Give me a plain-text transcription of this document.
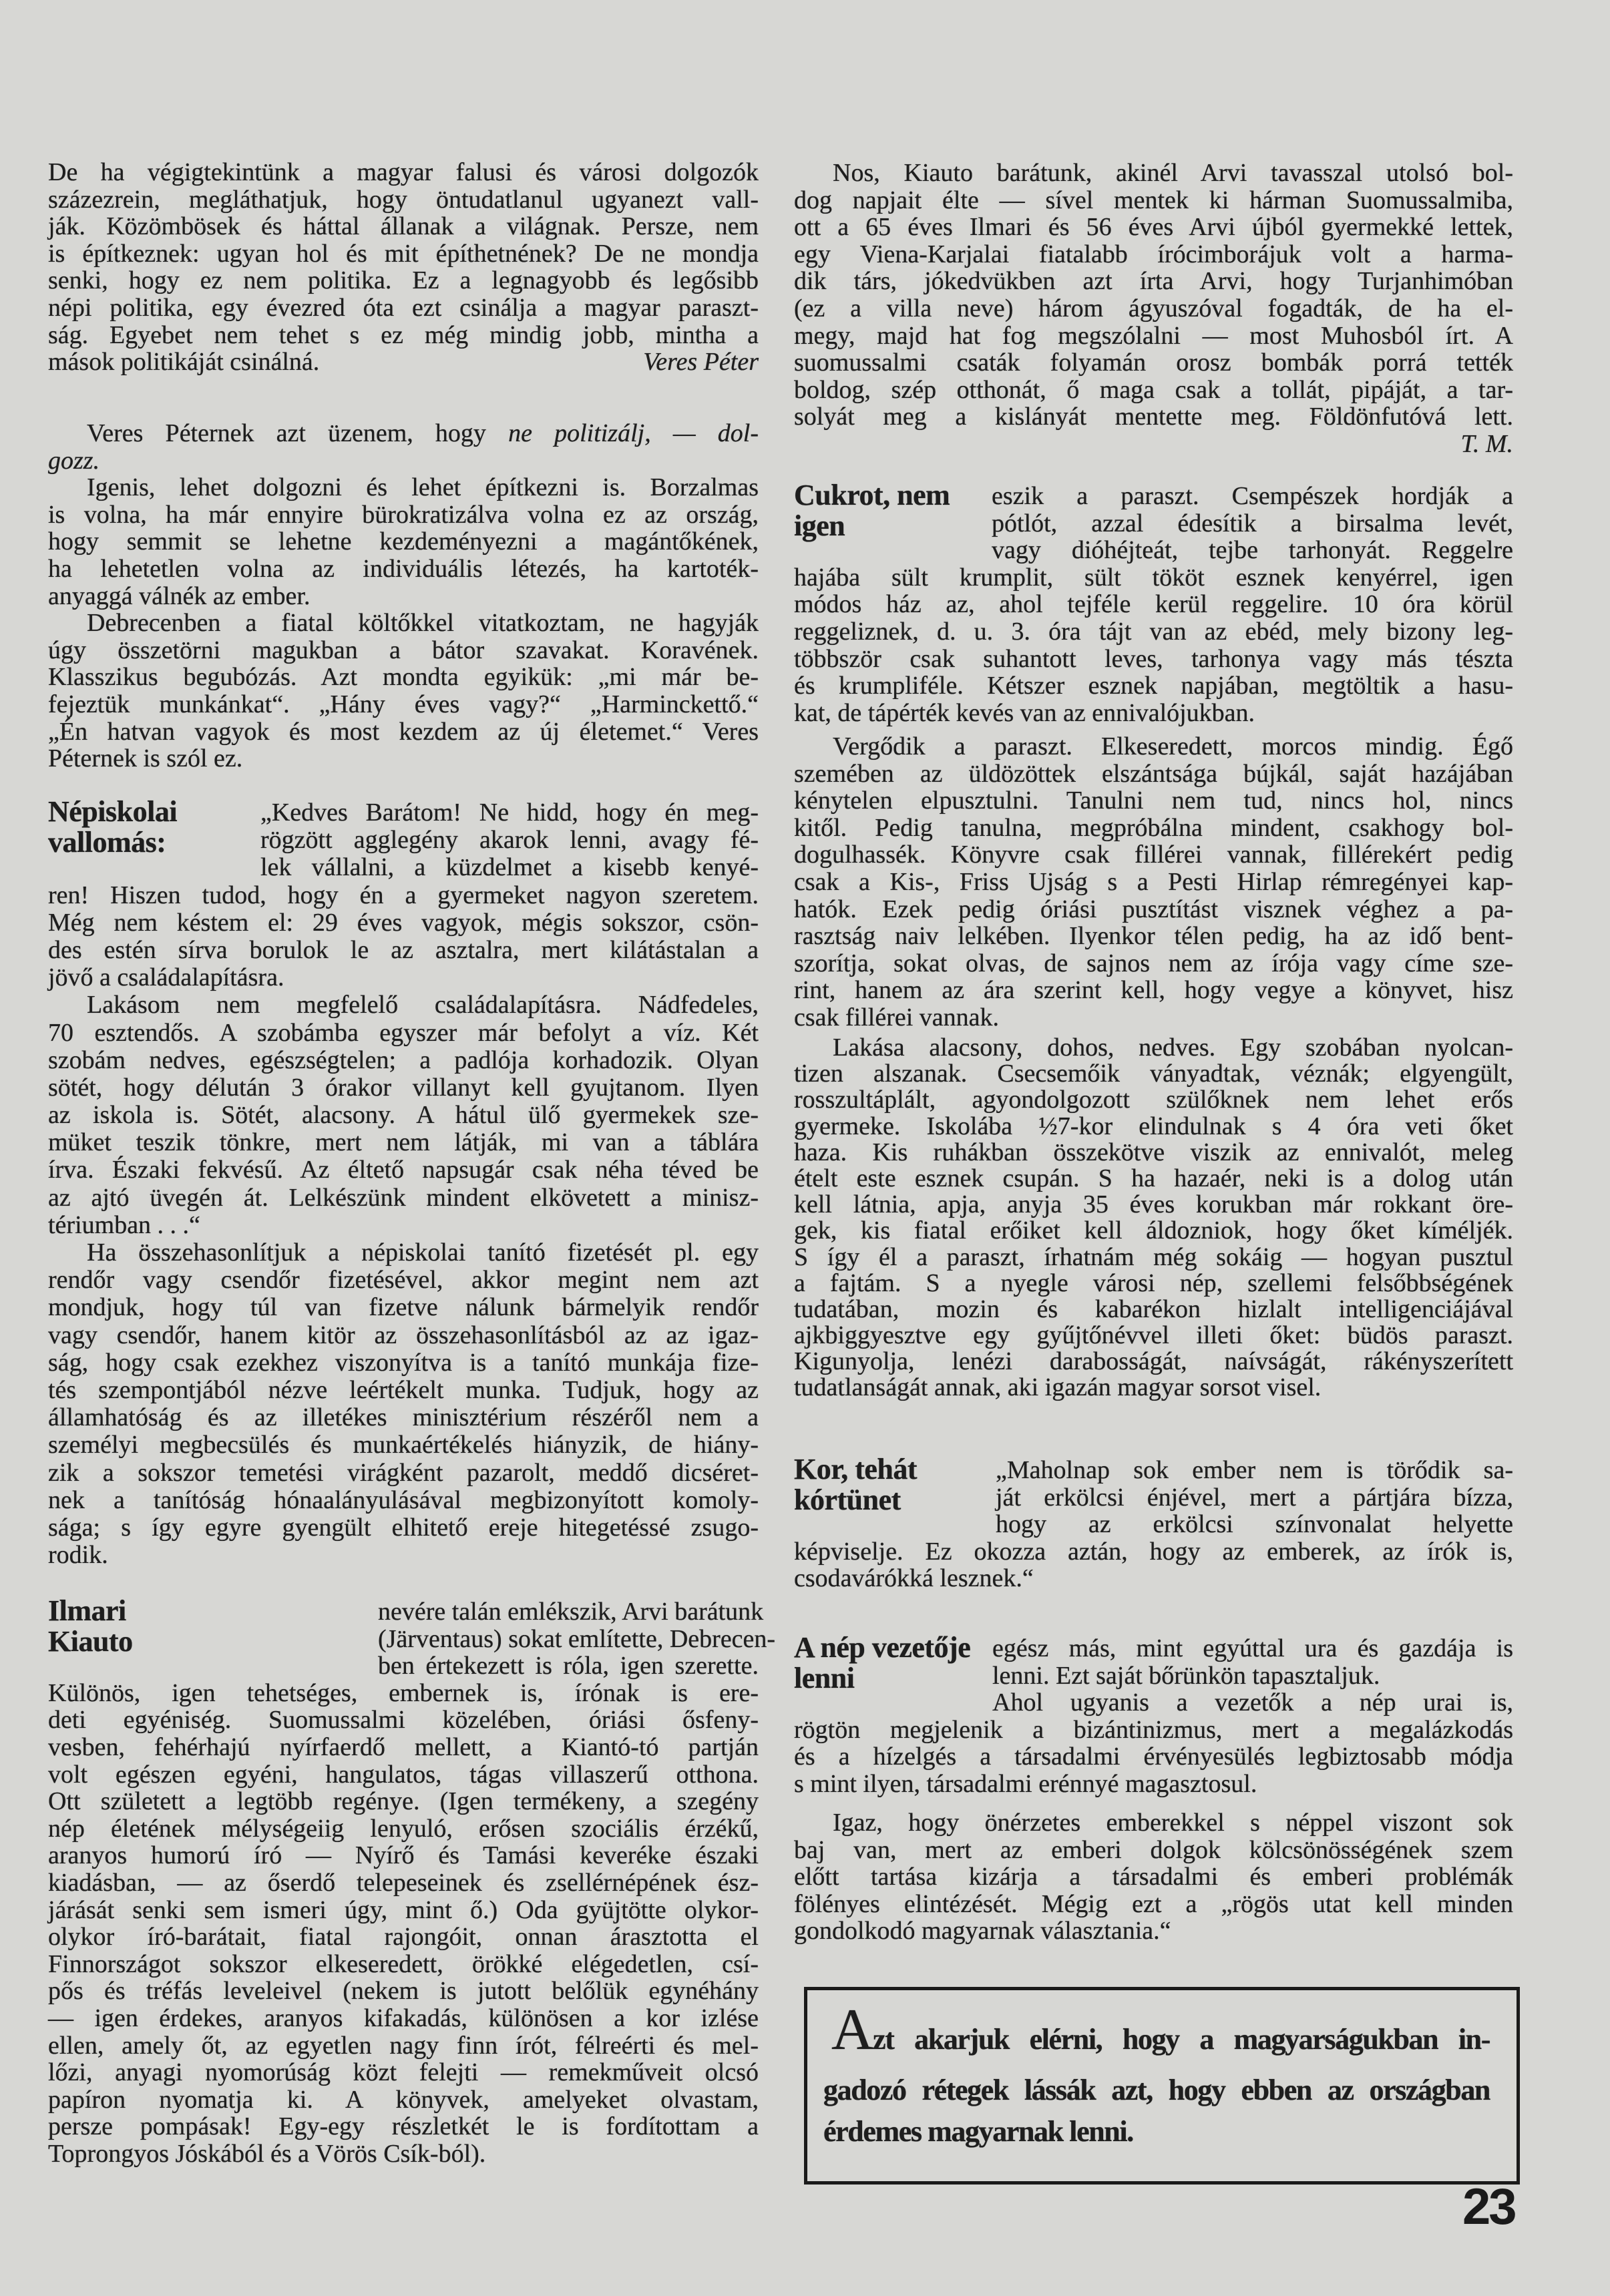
De ha végigtekintünk a magyar falusi és városi dolgozók
százezrein, megláthatjuk, hogy öntudatlanul ugyanezt vall-
ják. Közömbösek és háttal állanak a világnak. Persze, nem
is építkeznek: ugyan hol és mit építhetnének? De ne mondja
senki, hogy ez nem politika. Ez a legnagyobb és legősibb
népi politika, egy évezred óta ezt csinálja a magyar paraszt-
ság. Egyebet nem tehet s ez még mindig jobb, mintha a
mások politikáját csinálná.	Veres Péter
Veres Péternek azt üzenem, hogy ne politizálj, — dol-
gozz.
Igenis, lehet dolgozni és lehet építkezni is. Borzalmas
is volna, ha már ennyire bürokratizálva volna ez az ország,
hogy semmit se lehetne kezdeményezni a magántőkének,
ha lehetetlen volna az individuális létezés, ha kartoték-
anyaggá válnék az ember.
Debrecenben a fiatal költőkkel vitatkoztam, ne hagyják
úgy összetörni magukban a bátor szavakat. Koravének.
Klasszikus begubózás. Azt mondta egyikük: „mi már be-
fejeztük munkánkat“. „Hány éves vagy?“ „Harminckettő.“
„Én hatvan vagyok és most kezdem az új életemet.“ Veres
Péternek is szól ez.
Népiskolai
vallomás:
„Kedves Barátom! Ne hidd, hogy én meg-
rögzött agglegény akarok lenni, avagy fé-
lek vállalni, a küzdelmet a kisebb kenyé-
ren! Hiszen tudod, hogy én a gyermeket nagyon szeretem.
Még nem késtem el: 29 éves vagyok, mégis sokszor, csön-
des estén sírva borulok le az asztalra, mert kilátástalan a
jövő a családalapításra.
Lakásom nem megfelelő családalapításra. Nádfedeles,
70 esztendős. A szobámba egyszer már befolyt a víz. Két
szobám nedves, egészségtelen; a padlója korhadozik. Olyan
sötét, hogy délután 3 órakor villanyt kell gyujtanom. Ilyen
az iskola is. Sötét, alacsony. A hátul ülő gyermekek sze-
müket teszik tönkre, mert nem látják, mi van a táblára
írva. Északi fekvésű. Az éltető napsugár csak néha téved be
az ajtó üvegén át. Lelkészünk mindent elkövetett a minisz-
tériumban . . .“
Ha összehasonlítjuk a népiskolai tanító fizetését pl. egy
rendőr vagy csendőr fizetésével, akkor megint nem azt
mondjuk, hogy túl van fizetve nálunk bármelyik rendőr
vagy csendőr, hanem kitör az összehasonlításból az az igaz-
ság, hogy csak ezekhez viszonyítva is a tanító munkája fize-
tés szempontjából nézve leértékelt munka. Tudjuk, hogy az
államhatóság és az illetékes minisztérium részéről nem a
személyi megbecsülés és munkaértékelés hiányzik, de hiány-
zik a sokszor temetési virágként pazarolt, meddő dicséret-
nek a tanítóság hónaalányulásával megbizonyított komoly-
sága; s így egyre gyengült elhitető ereje hitegetéssé zsugo-
rodik.
Ilmari
Kiauto
nevére talán emlékszik, Arvi barátunk
(Järventaus) sokat említette, Debrecen-
ben értekezett is róla, igen szerette.
Különös, igen tehetséges, embernek is, írónak is ere-
deti egyéniség. Suomussalmi közelében, óriási ősfeny-
vesben, fehérhajú nyírfaerdő mellett, a Kiantó-tó partján
volt egészen egyéni, hangulatos, tágas villaszerű otthona.
Ott született a legtöbb regénye. (Igen termékeny, a szegény
nép életének mélységeiig lenyuló, erősen szociális érzékű,
aranyos humorú író — Nyírő és Tamási keveréke északi
kiadásban, — az őserdő telepeseinek és zsellérnépének ész-
járását senki sem ismeri úgy, mint ő.) Oda gyüjtötte olykor-
olykor író-barátait, fiatal rajongóit, onnan árasztotta el
Finnországot sokszor elkeseredett, örökké elégedetlen, csí-
pős és tréfás leveleivel (nekem is jutott belőlük egynéhány
— igen érdekes, aranyos kifakadás, különösen a kor izlése
ellen, amely őt, az egyetlen nagy finn írót, félreérti és mel-
lőzi, anyagi nyomorúság közt felejti — remekműveit olcsó
papíron nyomatja ki. A könyvek, amelyeket olvastam,
persze pompásak! Egy-egy részletkét le is fordítottam a
Toprongyos Jóskából és a Vörös Csík-ból).
Nos, Kiauto barátunk, akinél Arvi tavasszal utolsó bol-
dog napjait élte — sível mentek ki hárman Suomussalmiba,
ott a 65 éves Ilmari és 56 éves Arvi újból gyermekké lettek,
egy Viena-Karjalai fiatalabb írócimborájuk volt a harma-
dik társ, jókedvükben azt írta Arvi, hogy Turjanhimóban
(ez a villa neve) három ágyuszóval fogadták, de ha el-
megy, majd hat fog megszólalni — most Muhosból írt. A
suomussalmi csaták folyamán orosz bombák porrá tették
boldog, szép otthonát, ő maga csak a tollát, pipáját, a tar-
solyát meg a kislányát mentette meg. Földönfutóvá lett.
T. M.
Cukrot, nem
igen
eszik a paraszt. Csempészek hordják a
pótlót, azzal édesítik a birsalma levét,
vagy dióhéjteát, tejbe tarhonyát. Reggelre
hajába sült krumplit, sült tököt esznek kenyérrel, igen
módos ház az, ahol tejféle kerül reggelire. 10 óra körül
reggeliznek, d. u. 3. óra tájt van az ebéd, mely bizony leg-
többször csak suhantott leves, tarhonya vagy más tészta
és krumpliféle. Kétszer esznek napjában, megtöltik a hasu-
kat, de tápérték kevés van az ennivalójukban.
Vergődik a paraszt. Elkeseredett, morcos mindig. Égő
szemében az üldözöttek elszántsága bújkál, saját hazájában
kénytelen elpusztulni. Tanulni nem tud, nincs hol, nincs
kitől. Pedig tanulna, megpróbálna mindent, csakhogy bol-
dogulhassék. Könyvre csak fillérei vannak, fillérekért pedig
csak a Kis-, Friss Ujság s a Pesti Hirlap rémregényei kap-
hatók. Ezek pedig óriási pusztítást visznek véghez a pa-
rasztság naiv lelkében. Ilyenkor télen pedig, ha az idő bent-
szorítja, sokat olvas, de sajnos nem az írója vagy címe sze-
rint, hanem az ára szerint kell, hogy vegye a könyvet, hisz
csak fillérei vannak.
Lakása alacsony, dohos, nedves. Egy szobában nyolcan-
tizen alszanak. Csecsemőik ványadtak, véznák; elgyengült,
rosszultáplált, agyondolgozott szülőknek nem lehet erős
gyermeke. Iskolába ½7-kor elindulnak s 4 óra veti őket
haza. Kis ruhákban összekötve viszik az ennivalót, meleg
ételt este esznek csupán. S ha hazaér, neki is a dolog után
kell látnia, apja, anyja 35 éves korukban már rokkant öre-
gek, kis fiatal erőiket kell áldozniok, hogy őket kíméljék.
S így él a paraszt, írhatnám még sokáig — hogyan pusztul
a fajtám. S a nyegle városi nép, szellemi felsőbbségének
tudatában, mozin és kabarékon hizlalt intelligenciájával
ajkbiggyesztve egy gyűjtőnévvel illeti őket: büdös paraszt.
Kigunyolja, lenézi darabosságát, naívságát, rákényszerített
tudatlanságát annak, aki igazán magyar sorsot visel.
Kor, tehát
kórtünet
„Maholnap sok ember nem is törődik sa-
ját erkölcsi énjével, mert a pártjára bízza,
hogy az erkölcsi színvonalat helyette
képviselje. Ez okozza aztán, hogy az emberek, az írók is,
csodavárókká lesznek.“
A nép vezetője
lenni
egész más, mint egyúttal ura és gazdája is
lenni. Ezt saját bőrünkön tapasztaljuk.
Ahol ugyanis a vezetők a nép urai is,
rögtön megjelenik a bizántinizmus, mert a megalázkodás
és a hízelgés a társadalmi érvényesülés legbiztosabb módja
s mint ilyen, társadalmi erénnyé magasztosul.
Igaz, hogy önérzetes emberekkel s néppel viszont sok
baj van, mert az emberi dolgok kölcsönösségének szem
előtt tartása kizárja a társadalmi és emberi problémák
fölényes elintézését. Mégig ezt a „rögös utat kell minden
gondolkodó magyarnak választania.“
Azt akarjuk elérni, hogy a magyarságukban in-
gadozó rétegek lássák azt, hogy ebben az országban
érdemes magyarnak lenni.
23
